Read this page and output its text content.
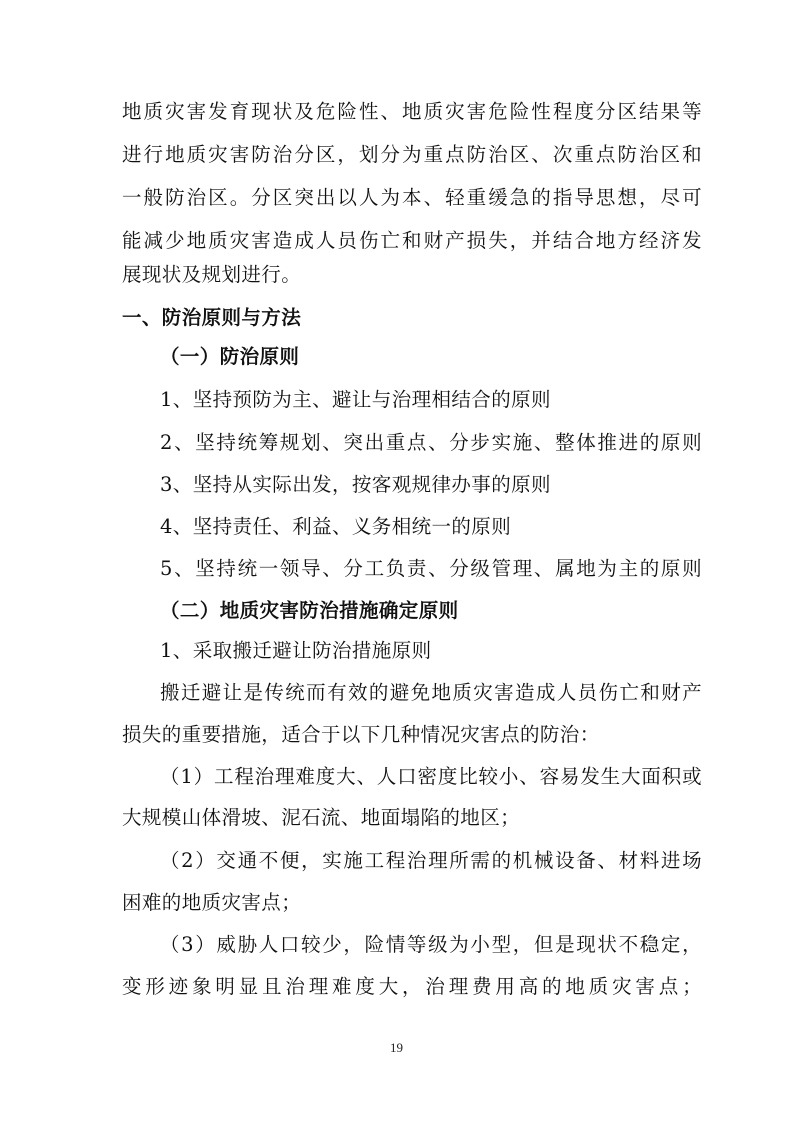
地质灾害发育现状及危险性、地质灾害危险性程度分区结果等
进行地质灾害防治分区，划分为重点防治区、次重点防治区和
一般防治区。分区突出以人为本、轻重缓急的指导思想，尽可
能减少地质灾害造成人员伤亡和财产损失，并结合地方经济发
展现状及规划进行。
一、防治原则与方法
（一）防治原则
1、坚持预防为主、避让与治理相结合的原则
2、坚持统筹规划、突出重点、分步实施、整体推进的原则
3、坚持从实际出发，按客观规律办事的原则
4、坚持责任、利益、义务相统一的原则
5、坚持统一领导、分工负责、分级管理、属地为主的原则
（二）地质灾害防治措施确定原则
1、采取搬迁避让防治措施原则
搬迁避让是传统而有效的避免地质灾害造成人员伤亡和财产
损失的重要措施，适合于以下几种情况灾害点的防治：
（1）工程治理难度大、人口密度比较小、容易发生大面积或
大规模山体滑坡、泥石流、地面塌陷的地区；
（2）交通不便，实施工程治理所需的机械设备、材料进场
困难的地质灾害点；
（3）威胁人口较少，险情等级为小型，但是现状不稳定，
变形迹象明显且治理难度大，治理费用高的地质灾害点；
19
